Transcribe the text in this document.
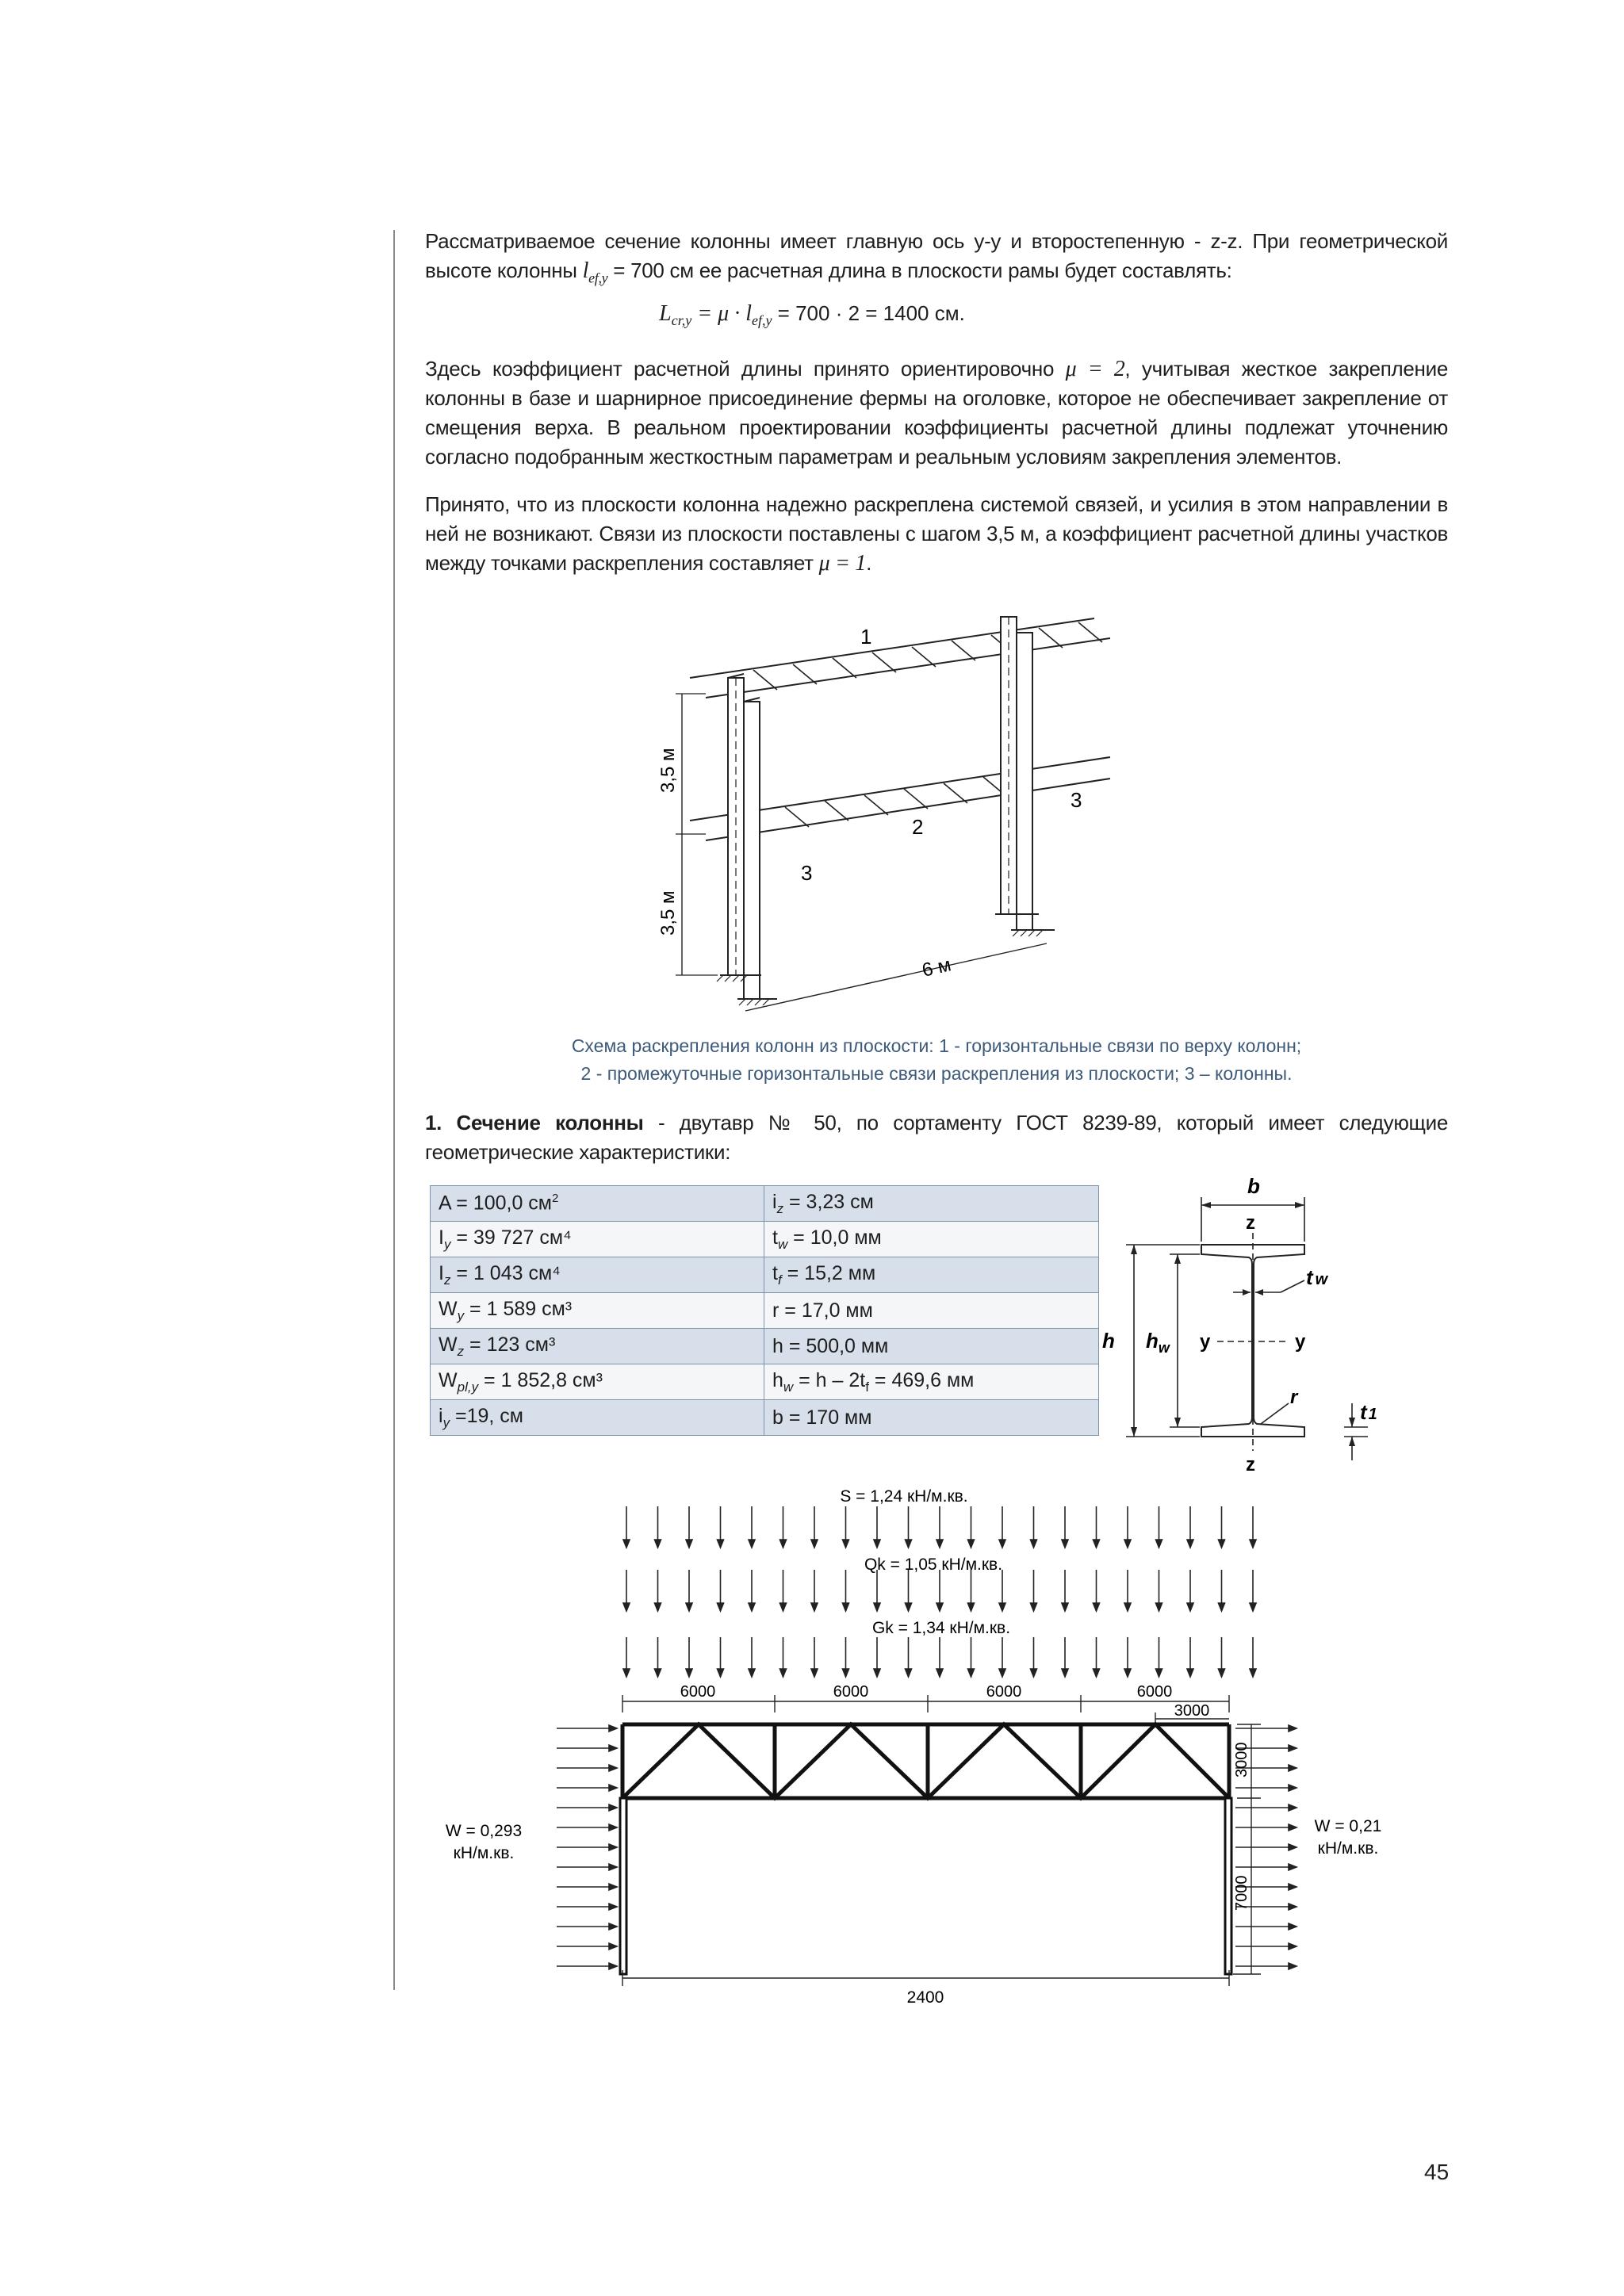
Рассматриваемое сечение колонны имеет главную ось y-y и второстепенную - z-z. При геометрической высоте колонны $l_{ef,y} = 700$ см ее расчетная длина в плоскости рамы будет составлять:
$L_{cr,y} = \mu \cdot l_{ef,y} = 700 \cdot 2 = 1400$ см.
Здесь коэффициент расчетной длины принято ориентировочно μ = 2, учитывая жесткое закрепление колонны в базе и шарнирное присоединение фермы на оголовке, которое не обеспечивает закрепление от смещения верха. В реальном проектировании коэффициенты расчетной длины подлежат уточнению согласно подобранным жесткостным параметрам и реальным условиям закрепления элементов.
Принято, что из плоскости колонна надежно раскреплена системой связей, и усилия в этом направлении в ней не возникают. Связи из плоскости поставлены с шагом 3,5 м, а коэффициент расчетной длины участков между точками раскрепления составляет μ = 1.
1
2
3
3
3,5 м
3,5 м
6 м
Схема раскрепления колонн из плоскости: 1 - горизонтальные связи по верху колонн;
2 - промежуточные горизонтальные связи раскрепления из плоскости; 3 – колонны.
1. Сечение колонны - двутавр № 50, по сортаменту ГОСТ 8239-89, который имеет следующие геометрические характеристики:
A = 100,0 $см^2$	$i_z = 3,23$ см
$I_y = 39$ 727 см⁴	$t_w = 10,0$ мм
$I_z = 1$ 043 см⁴	$t_f = 15,2$ мм
$W_y = 1$ 589 см³	r = 17,0 мм
$W_z = 123$ см³	h = 500,0 мм
$W_{pl,y} = 1$ 852,8 см³	$h_w = h - 2t_f = 469,6$ мм
$i_y =19$, см	b = 170 мм
b
z
z
t w
h $h_w$ y	y
r
t 1
S = 1,24 кН/м.кв.
Qk = 1,05 кН/м.кв.
Gk = 1,34 кН/м.кв.
6000	6000	6000	6000
3000
3000
7000
2400
W = 0,293
кН/м.кв.
W = 0,21
кН/м.кв.
45
